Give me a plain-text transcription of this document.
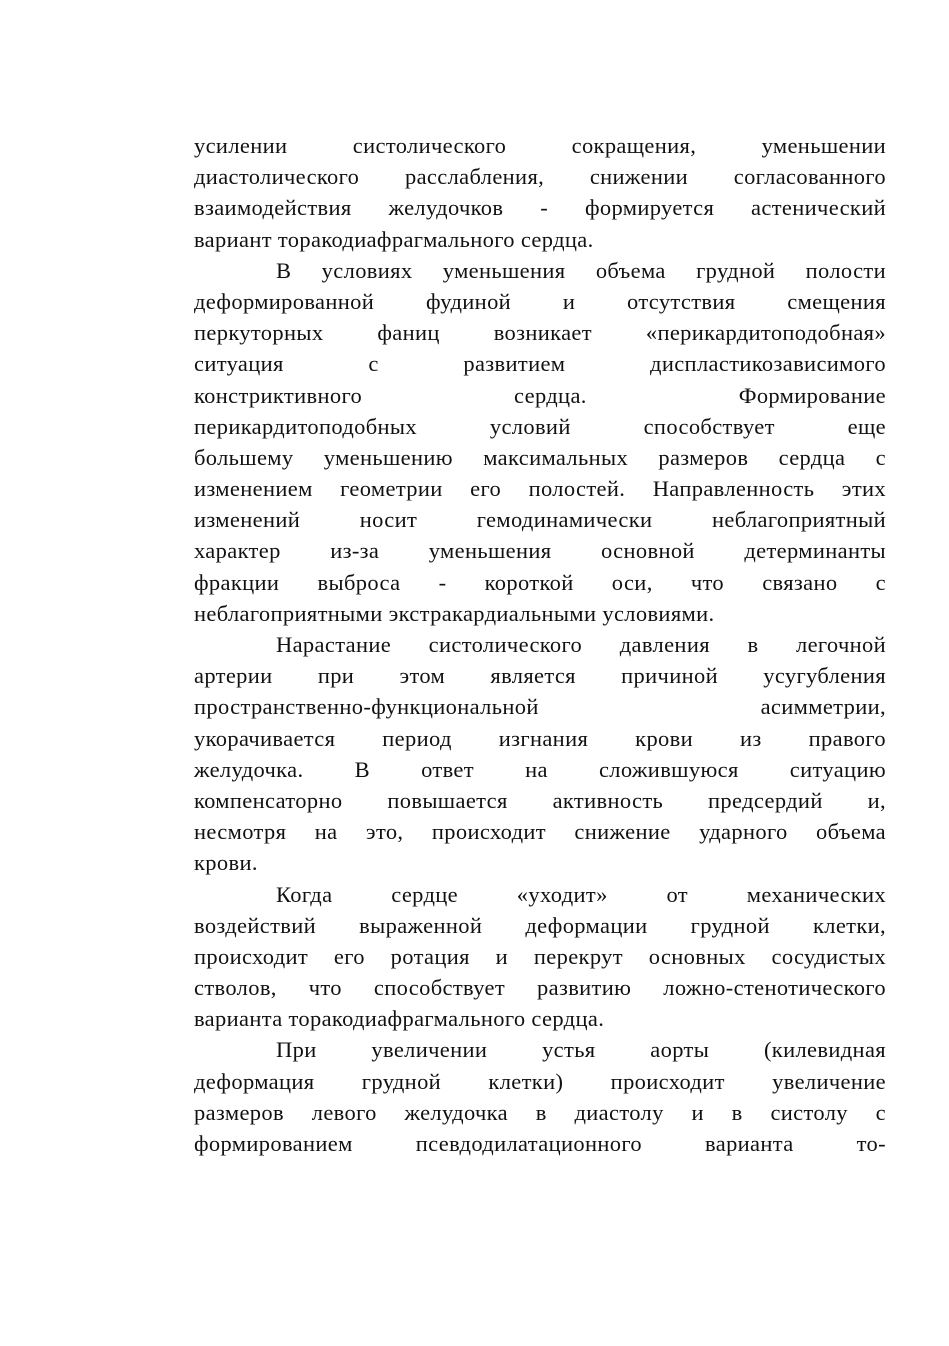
усилении систолического сокращения, уменьшении
диастолического расслабления, снижении согласованного
взаимодействия желудочков - формируется астенический
вариант торакодиафрагмального сердца.
В условиях уменьшения объема грудной полости
деформированной фудиной и отсутствия смещения
перкуторных фаниц возникает «перикардитоподобная»
ситуация с развитием диспластикозависимого
констриктивного сердца. Формирование
перикардитоподобных условий способствует еще
большему уменьшению максимальных размеров сердца с
изменением геометрии его полостей. Направленность этих
изменений носит гемодинамически неблагоприятный
характер из-за уменьшения основной детерминанты
фракции выброса - короткой оси, что связано с
неблагоприятными экстракардиальными условиями.
Нарастание систолического давления в легочной
артерии при этом является причиной усугубления
пространственно-функциональной асимметрии,
укорачивается период изгнания крови из правого
желудочка. В ответ на сложившуюся ситуацию
компенсаторно повышается активность предсердий и,
несмотря на это, происходит снижение ударного объема
крови.
Когда сердце «уходит» от механических
воздействий выраженной деформации грудной клетки,
происходит его ротация и перекрут основных сосудистых
стволов, что способствует развитию ложно-стенотического
варианта торакодиафрагмального сердца.
При увеличении устья аорты (килевидная
деформация грудной клетки) происходит увеличение
размеров левого желудочка в диастолу и в систолу с
формированием псевдодилатационного варианта то-
